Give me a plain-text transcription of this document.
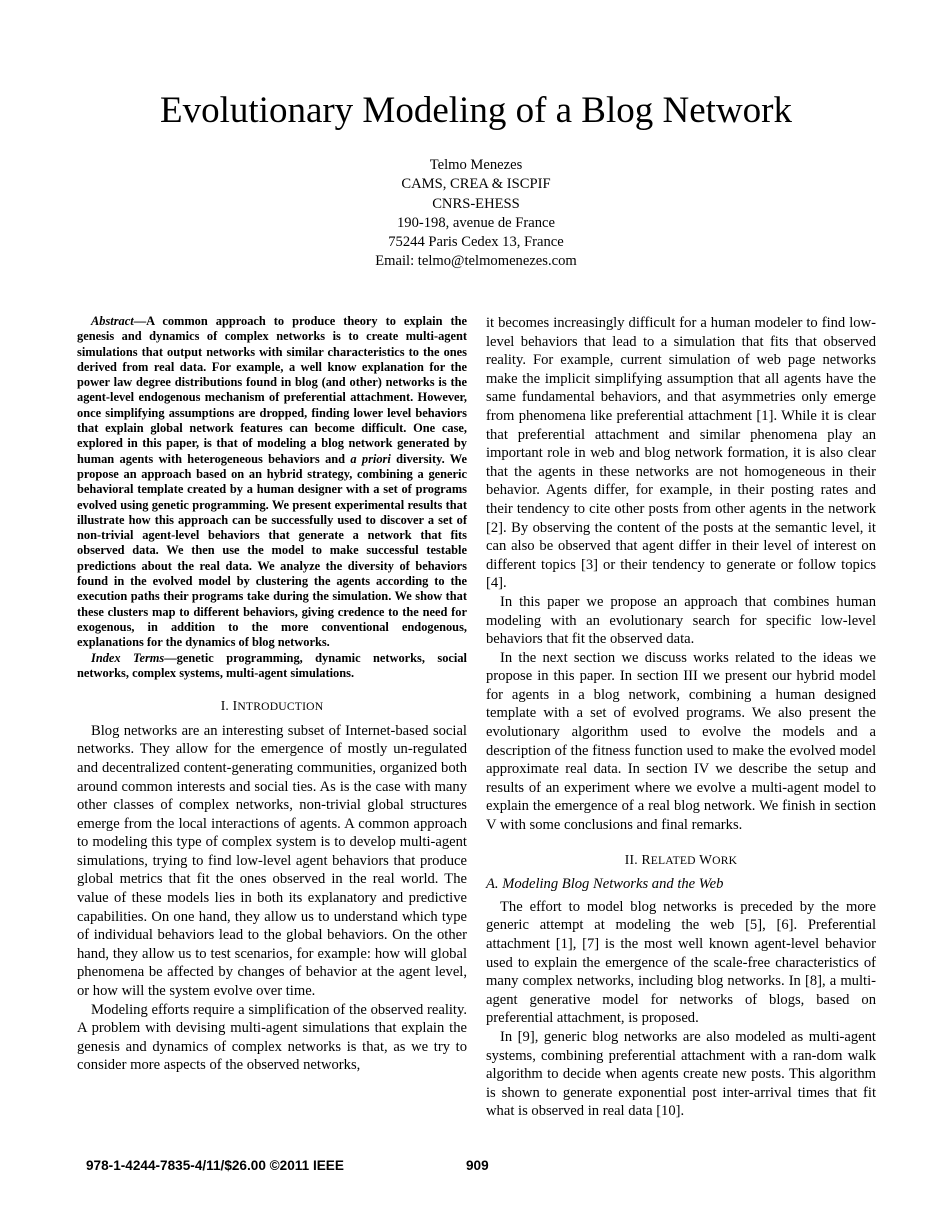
Evolutionary Modeling of a Blog Network
Telmo Menezes
CAMS, CREA & ISCPIF
CNRS-EHESS
190-198, avenue de France
75244 Paris Cedex 13, France
Email: telmo@telmomenezes.com

Abstract—A common approach to produce theory to explain the genesis and dynamics of complex networks is to create multi-agent simulations that output networks with similar characteristics to the ones derived from real data. For example, a well know explanation for the power law degree distributions found in blog (and other) networks is the agent-level endogenous mechanism of preferential attachment. However, once simplifying assumptions are dropped, finding lower level behaviors that explain global network features can become difficult. One case, explored in this paper, is that of modeling a blog network generated by human agents with heterogeneous behaviors and a priori diversity. We propose an approach based on an hybrid strategy, combining a generic behavioral template created by a human designer with a set of programs evolved using genetic programming. We present experimental results that illustrate how this approach can be successfully used to discover a set of non-trivial agent-level behaviors that generate a network that fits observed data. We then use the model to make successful testable predictions about the real data. We analyze the diversity of behaviors found in the evolved model by clustering the agents according to the execution paths their programs take during the simulation. We show that these clusters map to different behaviors, giving credence to the need for exogenous, in addition to the more conventional endogenous, explanations for the dynamics of blog networks.

Index Terms—genetic programming, dynamic networks, social networks, complex systems, multi-agent simulations.

I. INTRODUCTION

Blog networks are an interesting subset of Internet-based social networks. They allow for the emergence of mostly un-regulated and decentralized content-generating communities, organized both around common interests and social ties. As is the case with many other classes of complex networks, non-trivial global structures emerge from the local interactions of agents. A common approach to modeling this type of complex system is to develop multi-agent simulations, trying to find low-level agent behaviors that produce global metrics that fit the ones observed in the real world. The value of these models lies in both its explanatory and predictive capabilities. On one hand, they allow us to understand which type of individual behaviors lead to the global behaviors. On the other hand, they allow us to test scenarios, for example: how will global phenomena be affected by changes of behavior at the agent level, or how will the system evolve over time.

Modeling efforts require a simplification of the observed reality. A problem with devising multi-agent simulations that explain the genesis and dynamics of complex networks is that, as we try to consider more aspects of the observed networks,

it becomes increasingly difficult for a human modeler to find low-level behaviors that lead to a simulation that fits that observed reality. For example, current simulation of web page networks make the implicit simplifying assumption that all agents have the same fundamental behaviors, and that asymmetries only emerge from phenomena like preferential attachment [1]. While it is clear that preferential attachment and similar phenomena play an important role in web and blog network formation, it is also clear that the agents in these networks are not homogeneous in their behavior. Agents differ, for example, in their posting rates and their tendency to cite other posts from other agents in the network [2]. By observing the content of the posts at the semantic level, it can also be observed that agent differ in their level of interest on different topics [3] or their tendency to generate or follow topics [4].

In this paper we propose an approach that combines human modeling with an evolutionary search for specific low-level behaviors that fit the observed data.

In the next section we discuss works related to the ideas we propose in this paper. In section III we present our hybrid model for agents in a blog network, combining a human designed template with a set of evolved programs. We also present the evolutionary algorithm used to evolve the models and a description of the fitness function used to make the evolved model approximate real data. In section IV we describe the setup and results of an experiment where we evolve a multi-agent model to explain the emergence of a real blog network. We finish in section V with some conclusions and final remarks.

II. RELATED WORK
A. Modeling Blog Networks and the Web

The effort to model blog networks is preceded by the more generic attempt at modeling the web [5], [6]. Preferential attachment [1], [7] is the most well known agent-level behavior used to explain the emergence of the scale-free characteristics of many complex networks, including blog networks. In [8], a multi-agent generative model for networks of blogs, based on preferential attachment, is proposed.

In [9], generic blog networks are also modeled as multi-agent systems, combining preferential attachment with a ran-dom walk algorithm to decide when agents create new posts. This algorithm is shown to generate exponential post inter-arrival times that fit what is observed in real data [10].

978-1-4244-7835-4/11/$26.00 ©2011 IEEE	909
